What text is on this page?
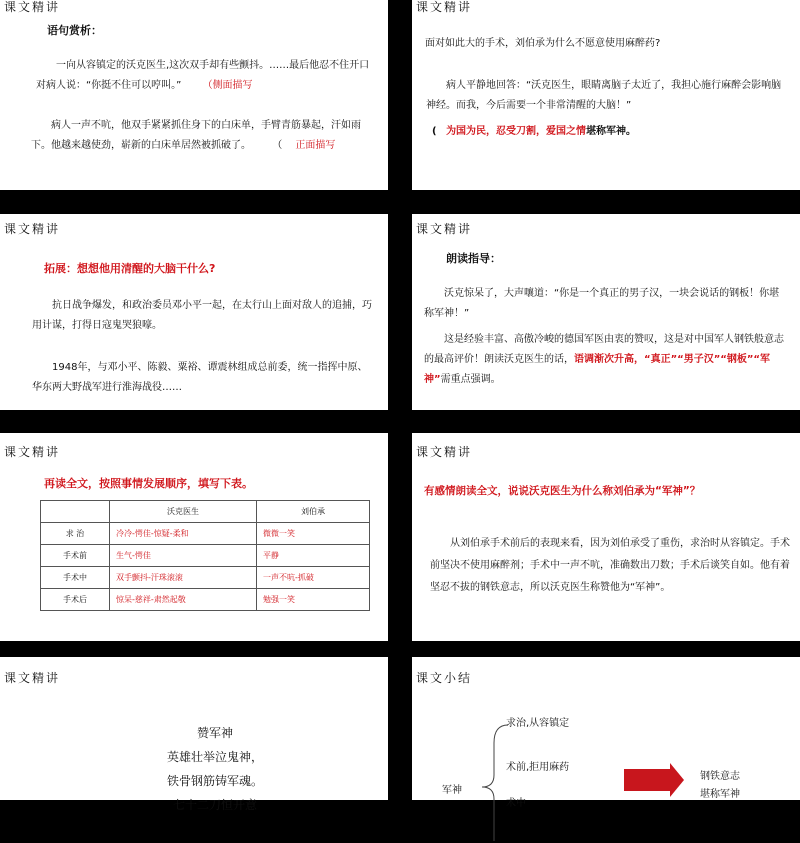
课文精讲
语句赏析：
一向从容镇定的沃克医生,这次双手却有些颤抖。……最后他忍不住开口对病人说：“你挺不住可以哼叫。” （侧面描写
病人一声不吭，他双手紧紧抓住身下的白床单，手臂青筋暴起，汗如雨下。他越来越使劲，崭新的白床单居然被抓破了。 （ 正面描写
课文精讲
面对如此大的手术，刘伯承为什么不愿意使用麻醉药?
病人平静地回答：“沃克医生，眼睛离脑子太近了，我担心施行麻醉会影响脑神经。而我，今后需要一个非常清醒的大脑！”
( 为国为民，忍受刀割，爱国之情堪称军神。
课文精讲
拓展：想想他用清醒的大脑干什么?
抗日战争爆发，和政治委员邓小平一起，在太行山上面对敌人的追捕，巧用计谋，打得日寇鬼哭狼嚎。
1948年，与邓小平、陈毅、粟裕、谭震林组成总前委，统一指挥中原、华东两大野战军进行淮海战役……
课文精讲
朗读指导：
沃克惊呆了，大声嚷道：“你是一个真正的男子汉，一块会说话的钢板！你堪称军神！”
这是经验丰富、高傲冷峻的德国军医由衷的赞叹，这是对中国军人钢铁般意志的最高评价！朗读沃克医生的话，语调渐次升高，“真正”“男子汉”“钢板”“军神”需重点强调。
课文精讲
再读全文，按照事情发展顺序，填写下表。
	沃克医生	刘伯承
求 治	冷冷-愕佳-惊疑-柔和	微微一笑
手术前	生气-愕佳	平静
手术中	双手颤抖-汗珠滚滚	一声不吭-抓破
手术后	惊呆-慈祥-肃然起敬	勉强一笑
课文精讲
有感情朗读全文，说说沃克医生为什么称刘伯承为“军神”？
从刘伯承手术前后的表现来看，因为刘伯承受了重伤，求治时从容镇定。手术前坚决不使用麻醉剂；手术中一声不吭，准确数出刀数；手术后谈笑自如。他有着坚忍不拔的钢铁意志，所以沃克医生称赞他为“军神”。
课文精讲
赞军神
英雄壮举泣鬼神，
铁骨钢筋铸军魂。
七十二刀恒开意
课文小结
军神
求治,从容镇定
术前,拒用麻药
术中
钢铁意志
堪称军神
